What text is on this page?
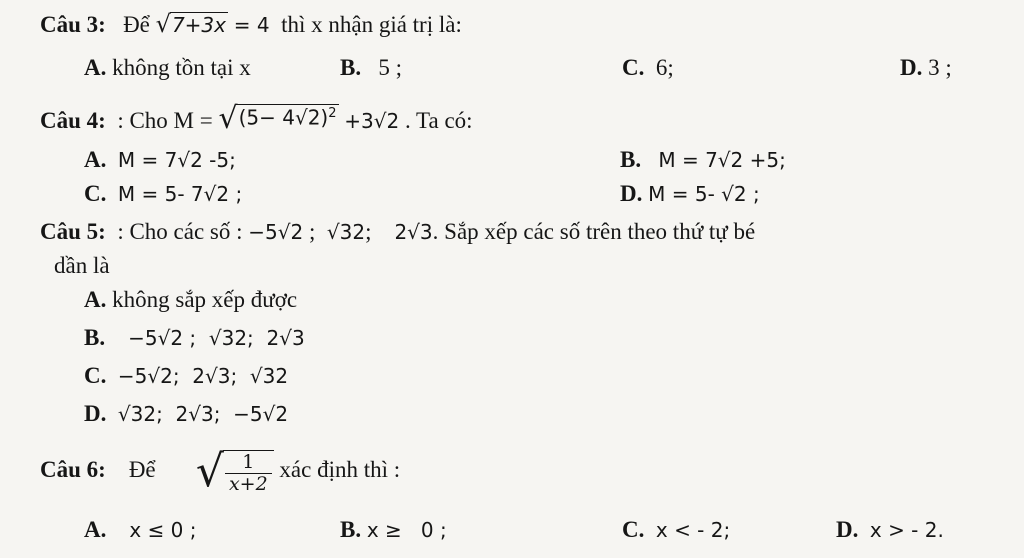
Câu 3: Để √ 7+3x = 4 thì x nhận giá trị là:
A. không tồn tại x	B. 5 ;	C. 6;	D. 3 ;
Câu 4: : Cho M = √ $(5- 4√2)^2 +3√2$ . Ta có:
A. M = 7√2 -5;	B. M = 7√2 +5;
C. M = 5- 7√2 ;	D. M = 5- √2 ;
Câu 5: : Cho các số : −5√2 ;  √32;    2√3. Sắp xếp các số trên theo thứ tự bé
dần là
A. không sắp xếp được
B. −5√2 ;  √32;  2√3
C. −5√2;  2√3;  √32
D. √32;  2√3;  −5√2
Câu 6: Để √ $\frac{1}{x+2}$ xác định thì :
A. x ≤ 0 ;	B. x ≥   0 ;	C. x < - 2;	D. x > - 2.
